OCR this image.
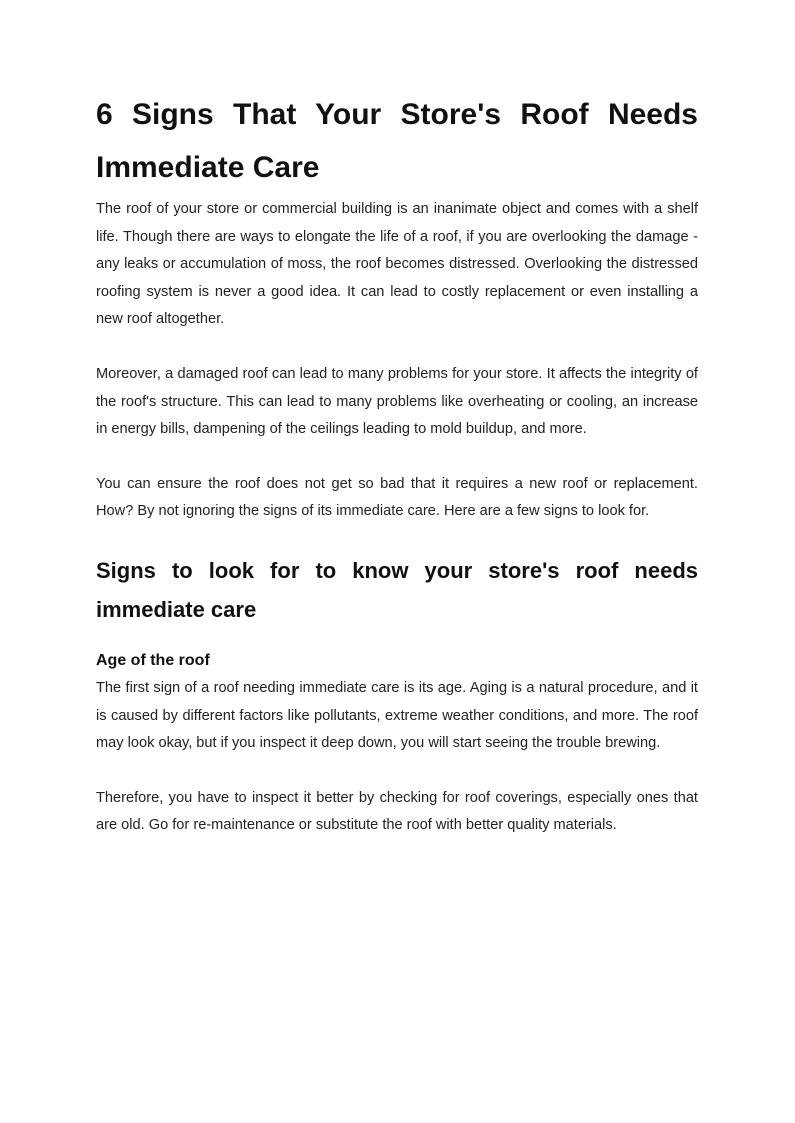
6 Signs That Your Store's Roof Needs Immediate Care

The roof of your store or commercial building is an inanimate object and comes with a shelf life. Though there are ways to elongate the life of a roof, if you are overlooking the damage - any leaks or accumulation of moss, the roof becomes distressed. Overlooking the distressed roofing system is never a good idea. It can lead to costly replacement or even installing a new roof altogether.

Moreover, a damaged roof can lead to many problems for your store. It affects the integrity of the roof's structure. This can lead to many problems like overheating or cooling, an increase in energy bills, dampening of the ceilings leading to mold buildup, and more.

You can ensure the roof does not get so bad that it requires a new roof or replacement. How? By not ignoring the signs of its immediate care. Here are a few signs to look for.

Signs to look for to know your store's roof needs immediate care
Age of the roof

The first sign of a roof needing immediate care is its age. Aging is a natural procedure, and it is caused by different factors like pollutants, extreme weather conditions, and more. The roof may look okay, but if you inspect it deep down, you will start seeing the trouble brewing.

Therefore, you have to inspect it better by checking for roof coverings, especially ones that are old. Go for re-maintenance or substitute the roof with better quality materials.
